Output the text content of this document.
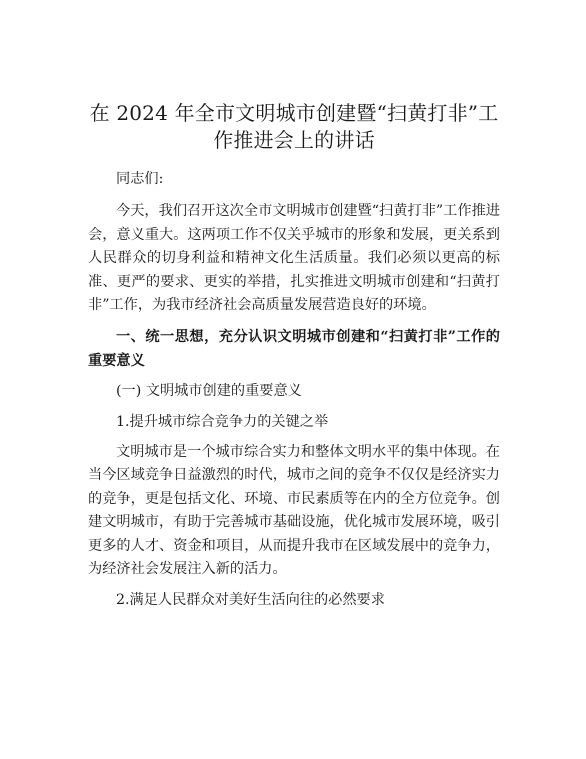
在 2024 年全市文明城市创建暨“扫黄打非”工作推进会上的讲话

同志们:

今天，我们召开这次全市文明城市创建暨“扫黄打非”工作推进会，意义重大。这两项工作不仅关乎城市的形象和发展，更关系到人民群众的切身利益和精神文化生活质量。我们必须以更高的标准、更严的要求、更实的举措，扎实推进文明城市创建和“扫黄打非”工作，为我市经济社会高质量发展营造良好的环境。

一、统一思想，充分认识文明城市创建和“扫黄打非”工作的重要意义

(一) 文明城市创建的重要意义

1.提升城市综合竞争力的关键之举

文明城市是一个城市综合实力和整体文明水平的集中体现。在当今区域竞争日益激烈的时代，城市之间的竞争不仅仅是经济实力的竞争，更是包括文化、环境、市民素质等在内的全方位竞争。创建文明城市，有助于完善城市基础设施，优化城市发展环境，吸引更多的人才、资金和项目，从而提升我市在区域发展中的竞争力，为经济社会发展注入新的活力。

2.满足人民群众对美好生活向往的必然要求
